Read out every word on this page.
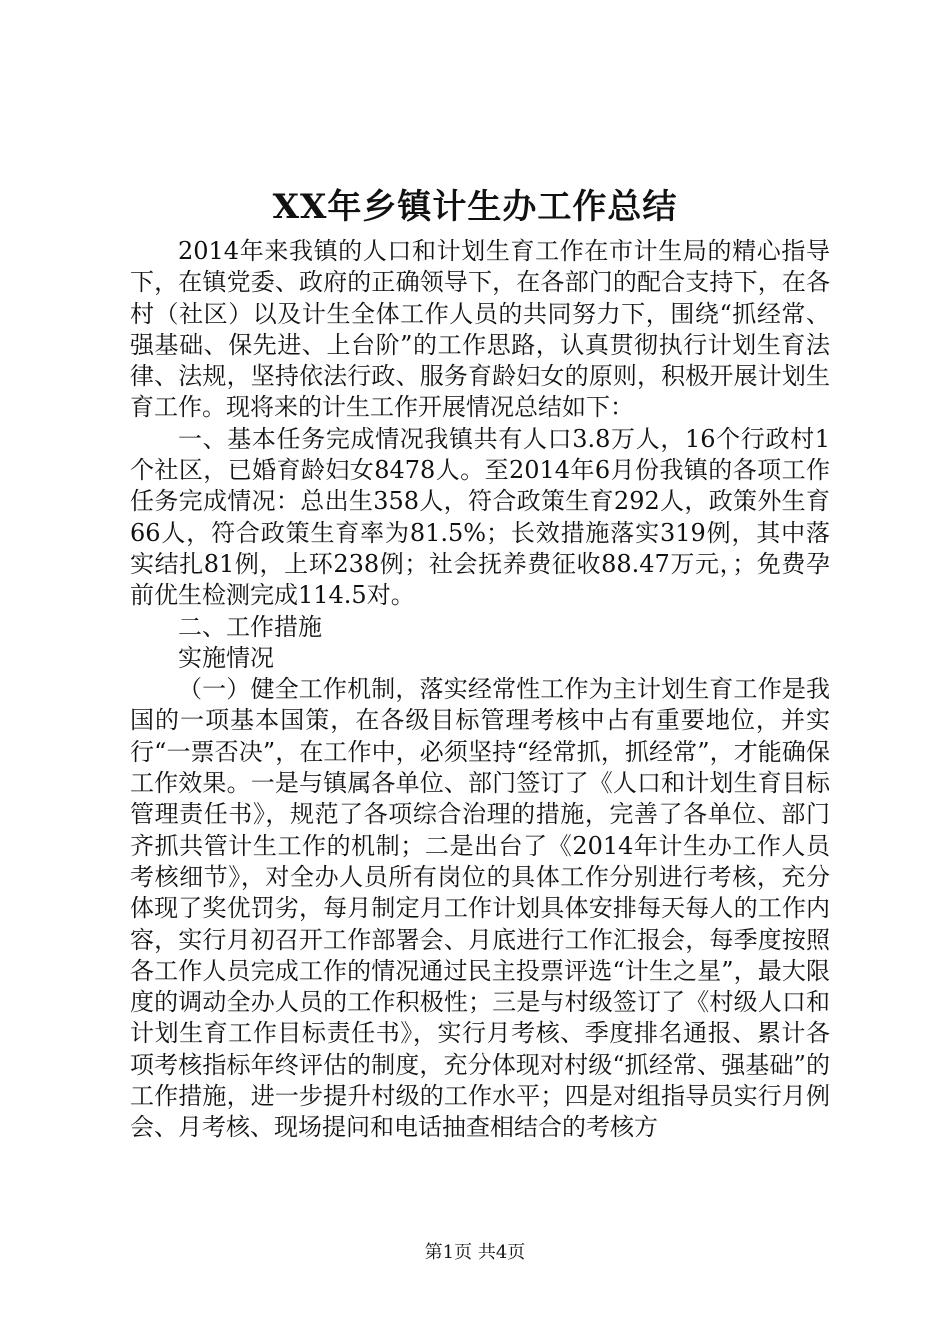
XX年乡镇计生办工作总结

2014年来我镇的人口和计划生育工作在市计生局的精心指导下，在镇党委、政府的正确领导下，在各部门的配合支持下，在各村（社区）以及计生全体工作人员的共同努力下，围绕“抓经常、强基础、保先进、上台阶”的工作思路，认真贯彻执行计划生育法律、法规，坚持依法行政、服务育龄妇女的原则，积极开展计划生育工作。现将来的计生工作开展情况总结如下：

一、基本任务完成情况我镇共有人口3.8万人，16个行政村1个社区，已婚育龄妇女8478人。至2014年6月份我镇的各项工作任务完成情况：总出生358人，符合政策生育292人，政策外生育66人，符合政策生育率为81.5%；长效措施落实319例，其中落实结扎81例，上环238例；社会抚养费征收88.47万元，；免费孕前优生检测完成114.5对。

二、工作措施

实施情况

（一）健全工作机制，落实经常性工作为主计划生育工作是我国的一项基本国策，在各级目标管理考核中占有重要地位，并实行“一票否决”，在工作中，必须坚持“经常抓，抓经常”，才能确保工作效果。一是与镇属各单位、部门签订了《人口和计划生育目标管理责任书》，规范了各项综合治理的措施，完善了各单位、部门齐抓共管计生工作的机制；二是出台了《2014年计生办工作人员考核细节》，对全办人员所有岗位的具体工作分别进行考核，充分体现了奖优罚劣，每月制定月工作计划具体安排每天每人的工作内容，实行月初召开工作部署会、月底进行工作汇报会，每季度按照各工作人员完成工作的情况通过民主投票评选“计生之星”，最大限度的调动全办人员的工作积极性；三是与村级签订了《村级人口和计划生育工作目标责任书》，实行月考核、季度排名通报、累计各项考核指标年终评估的制度，充分体现对村级“抓经常、强基础”的工作措施，进一步提升村级的工作水平；四是对组指导员实行月例会、月考核、现场提问和电话抽查相结合的考核方

第1页 共4页
